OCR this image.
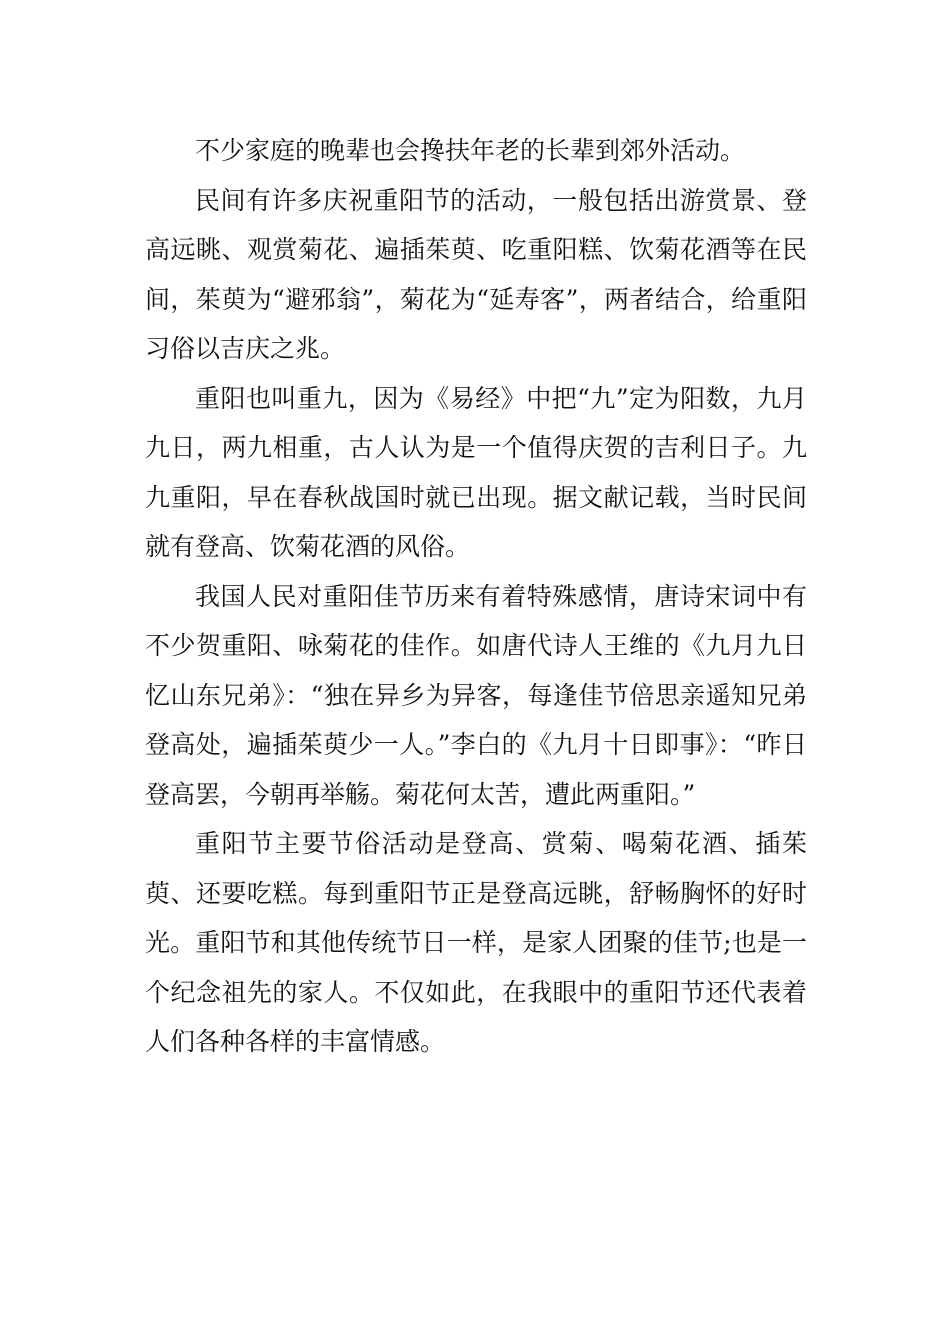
不少家庭的晚辈也会搀扶年老的长辈到郊外活动。

民间有许多庆祝重阳节的活动，一般包括出游赏景、登高远眺、观赏菊花、遍插茱萸、吃重阳糕、饮菊花酒等在民间，茱萸为“避邪翁”，菊花为“延寿客”，两者结合，给重阳习俗以吉庆之兆。

重阳也叫重九，因为《易经》中把“九”定为阳数，九月九日，两九相重，古人认为是一个值得庆贺的吉利日子。九九重阳，早在春秋战国时就已出现。据文献记载，当时民间就有登高、饮菊花酒的风俗。

我国人民对重阳佳节历来有着特殊感情，唐诗宋词中有不少贺重阳、咏菊花的佳作。如唐代诗人王维的《九月九日忆山东兄弟》：“独在异乡为异客，每逢佳节倍思亲遥知兄弟登高处，遍插茱萸少一人。”李白的《九月十日即事》：“昨日登高罢，今朝再举觞。菊花何太苦，遭此两重阳。”

重阳节主要节俗活动是登高、赏菊、喝菊花酒、插茱萸、还要吃糕。每到重阳节正是登高远眺，舒畅胸怀的好时光。重阳节和其他传统节日一样，是家人团聚的佳节;也是一个纪念祖先的家人。不仅如此，在我眼中的重阳节还代表着人们各种各样的丰富情感。
